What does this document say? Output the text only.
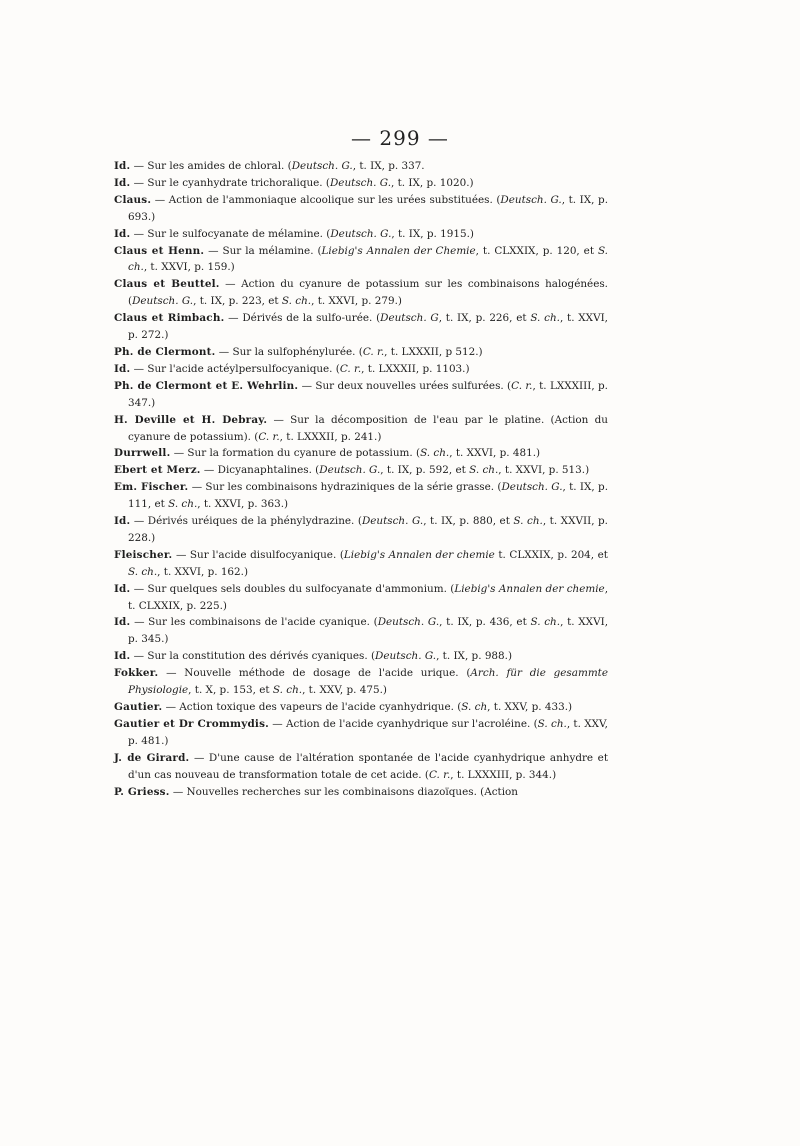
— 299 —

Id. — Sur les amides de chloral. (Deutsch. G., t. IX, p. 337.

Id. — Sur le cyanhydrate trichoralique. (Deutsch. G., t. IX, p. 1020.)

Claus. — Action de l'ammoniaque alcoolique sur les urées substituées. (Deutsch. G., t. IX, p. 693.)

Id. — Sur le sulfocyanate de mélamine. (Deutsch. G., t. IX, p. 1915.)

Claus et Henn. — Sur la mélamine. (Liebig's Annalen der Chemie, t. CLXXIX, p. 120, et S. ch., t. XXVI, p. 159.)

Claus et Beuttel. — Action du cyanure de potassium sur les combinaisons halogénées. (Deutsch. G., t. IX, p. 223, et S. ch., t. XXVI, p. 279.)

Claus et Rimbach. — Dérivés de la sulfo-urée. (Deutsch. G, t. IX, p. 226, et S. ch., t. XXVI, p. 272.)

Ph. de Clermont. — Sur la sulfophénylurée. (C. r., t. LXXXII, p 512.)

Id. — Sur l'acide actéylpersulfocyanique. (C. r., t. LXXXII, p. 1103.)

Ph. de Clermont et E. Wehrlin. — Sur deux nouvelles urées sulfurées. (C. r., t. LXXXIII, p. 347.)

H. Deville et H. Debray. — Sur la décomposition de l'eau par le platine. (Action du cyanure de potassium). (C. r., t. LXXXII, p. 241.)

Durrwell. — Sur la formation du cyanure de potassium. (S. ch., t. XXVI, p. 481.)

Ebert et Merz. — Dicyanaphtalines. (Deutsch. G., t. IX, p. 592, et S. ch., t. XXVI, p. 513.)

Em. Fischer. — Sur les combinaisons hydraziniques de la série grasse. (Deutsch. G., t. IX, p. 111, et S. ch., t. XXVI, p. 363.)

Id. — Dérivés uréiques de la phénylydrazine. (Deutsch. G., t. IX, p. 880, et S. ch., t. XXVII, p. 228.)

Fleischer. — Sur l'acide disulfocyanique. (Liebig's Annalen der chemie t. CLXXIX, p. 204, et S. ch., t. XXVI, p. 162.)

Id. — Sur quelques sels doubles du sulfocyanate d'ammonium. (Liebig's Annalen der chemie, t. CLXXIX, p. 225.)

Id. — Sur les combinaisons de l'acide cyanique. (Deutsch. G., t. IX, p. 436, et S. ch., t. XXVI, p. 345.)

Id. — Sur la constitution des dérivés cyaniques. (Deutsch. G., t. IX, p. 988.)

Fokker. — Nouvelle méthode de dosage de l'acide urique. (Arch. für die gesammte Physiologie, t. X, p. 153, et S. ch., t. XXV, p. 475.)

Gautier. — Action toxique des vapeurs de l'acide cyanhydrique. (S. ch, t. XXV, p. 433.)

Gautier et Dr Crommydis. — Action de l'acide cyanhydrique sur l'acroléine. (S. ch., t. XXV, p. 481.)

J. de Girard. — D'une cause de l'altération spontanée de l'acide cyanhydrique anhydre et d'un cas nouveau de transformation totale de cet acide. (C. r., t. LXXXIII, p. 344.)

P. Griess. — Nouvelles recherches sur les combinaisons diazoïques. (Action
